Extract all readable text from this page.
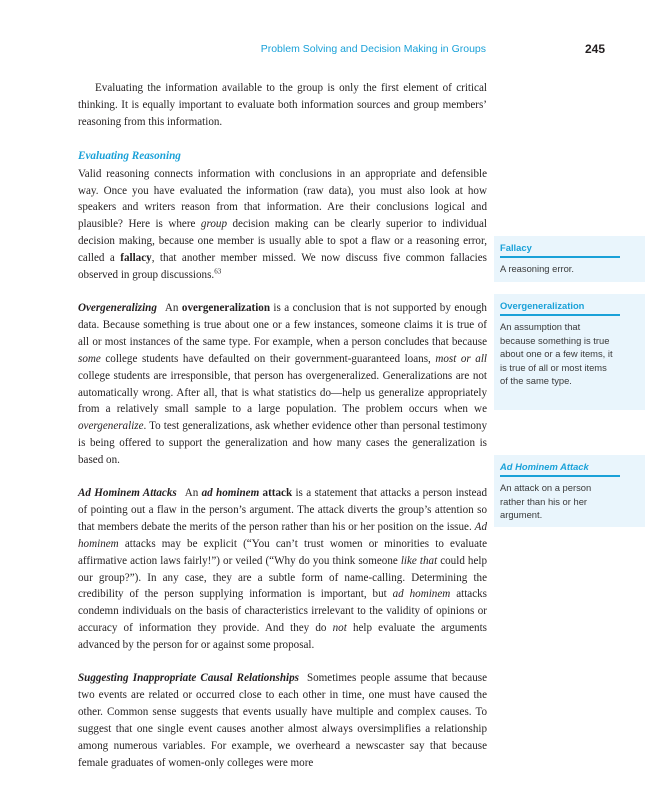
Problem Solving and Decision Making in Groups	245

Evaluating the information available to the group is only the first element of critical thinking. It is equally important to evaluate both information sources and group members’ reasoning from this information.

Evaluating Reasoning

Valid reasoning connects information with conclusions in an appropriate and defensible way. Once you have evaluated the information (raw data), you must also look at how speakers and writers reason from that information. Are their conclusions logical and plausible? Here is where group decision making can be clearly superior to individual decision making, because one member is usually able to spot a flaw or a reasoning error, called a fallacy, that another member missed. We now discuss five common fallacies observed in group discussions.$^{63}$

Overgeneralizing An overgeneralization is a conclusion that is not supported by enough data. Because something is true about one or a few instances, someone claims it is true of all or most instances of the same type. For example, when a person concludes that because some college students have defaulted on their government-guaranteed loans, most or all college students are irresponsible, that person has overgeneralized. Generalizations are not automatically wrong. After all, that is what statistics do—help us generalize appropriately from a relatively small sample to a large population. The problem occurs when we overgeneralize. To test generalizations, ask whether evidence other than personal testimony is being offered to support the generalization and how many cases the generalization is based on.

Ad Hominem Attacks An ad hominem attack is a statement that attacks a person instead of pointing out a flaw in the person’s argument. The attack diverts the group’s attention so that members debate the merits of the person rather than his or her position on the issue. Ad hominem attacks may be explicit (“You can’t trust women or minorities to evaluate affirmative action laws fairly!”) or veiled (“Why do you think someone like that could help our group?”). In any case, they are a subtle form of name-calling. Determining the credibility of the person supplying information is important, but ad hominem attacks condemn individuals on the basis of characteristics irrelevant to the validity of opinions or accuracy of information they provide. And they do not help evaluate the arguments advanced by the person for or against some proposal.

Suggesting Inappropriate Causal Relationships Sometimes people assume that because two events are related or occurred close to each other in time, one must have caused the other. Common sense suggests that events usually have multiple and complex causes. To suggest that one single event causes another almost always oversimplifies a relationship among numerous variables. For example, we overheard a newscaster say that because female graduates of women-only colleges were more

Fallacy
A reasoning error.
Overgeneralization
An assumption that because something is true about one or a few items, it is true of all or most items of the same type.
Ad Hominem Attack
An attack on a person rather than his or her argument.
